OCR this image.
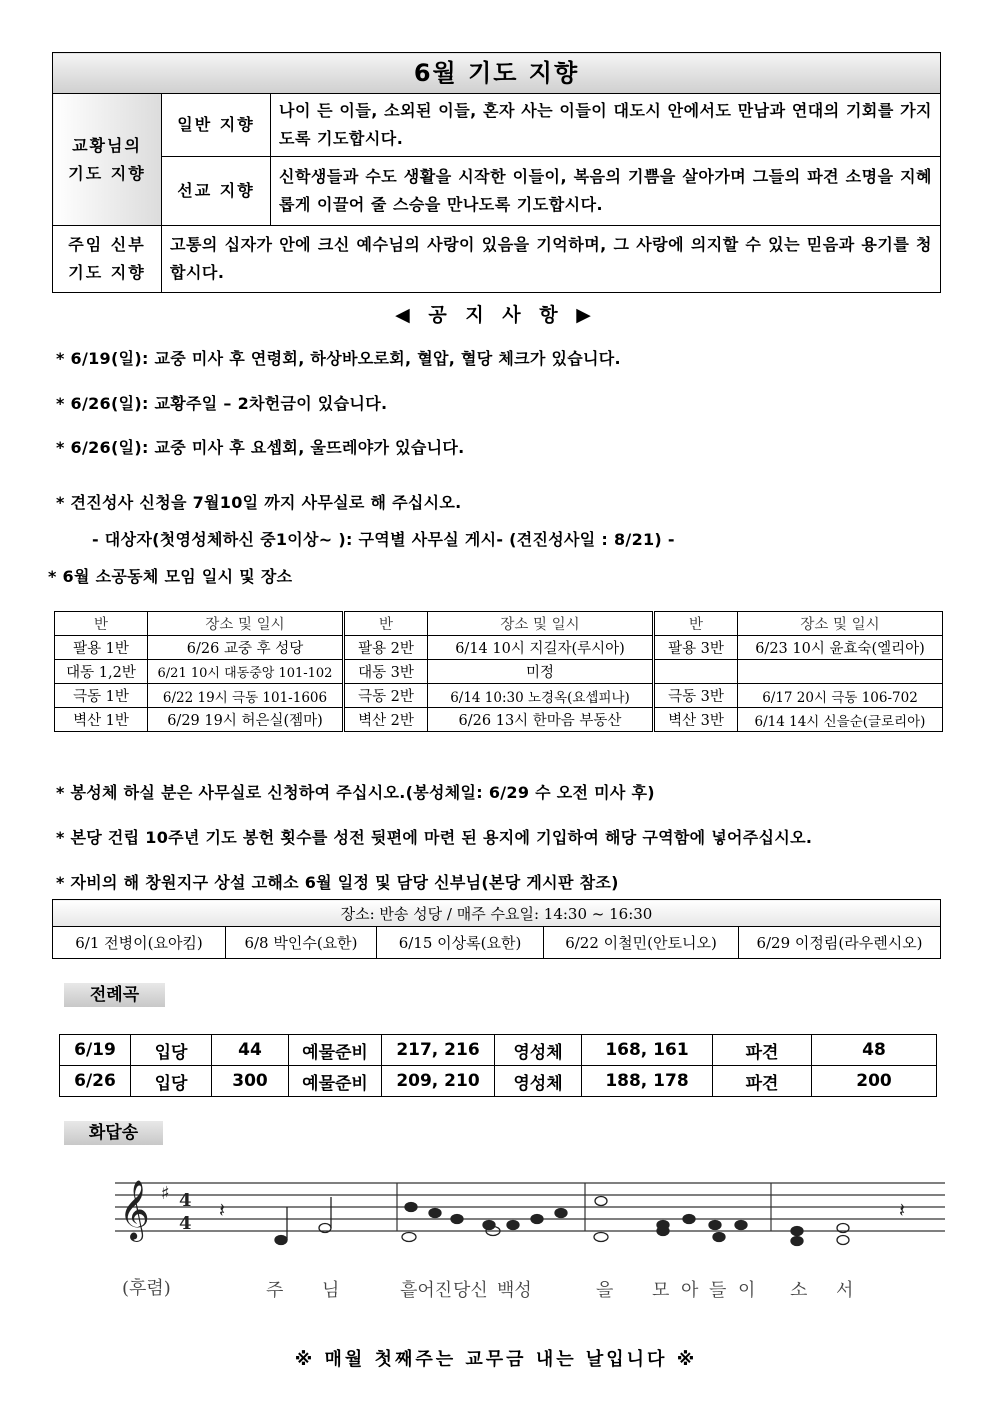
6월 기도 지향		

교황님의
기도 지향	일반 지향	나이 든 이들, 소외된 이들, 혼자 사는 이들이 대도시 안에서도 만남과 연대의 기회를 가지도록 기도합시다.
	선교 지향	신학생들과 수도 생활을 시작한 이들이, 복음의 기쁨을 살아가며 그들의 파견 소명을 지혜롭게 이끌어 줄 스승을 만나도록 기도합시다.

주임 신부
기도 지향	고통의 십자가 안에 크신 예수님의 사랑이 있음을 기억하며, 그 사랑에 의지할 수 있는 믿음과 용기를 청합시다.	
◀ 공 지 사 항 ▶
* 6/19(일): 교중 미사 후 연령회, 하상바오로회, 혈압, 혈당 체크가 있습니다.
* 6/26(일): 교황주일 – 2차헌금이 있습니다.
* 6/26(일): 교중 미사 후 요셉회, 울뜨레야가 있습니다.
* 견진성사 신청을 7월10일 까지 사무실로 해 주십시오.
- 대상자(첫영성체하신 중1이상~ ): 구역별 사무실 게시- (견진성사일 : 8/21) -
* 6월 소공동체 모임 일시 및 장소
반	장소 및 일시	반	장소 및 일시	반	장소 및 일시
팔용 1반	6/26 교중 후 성당	팔용 2반	6/14 10시 지길자(루시아)	팔용 3반	6/23 10시 윤효숙(엘리아)
대동 1,2반	6/21 10시 대동중앙 101-102	대동 3반	미정		
극동 1반	6/22 19시 극동 101-1606	극동 2반	6/14 10:30 노경옥(요셉피나)	극동 3반	6/17 20시 극동 106-702
벽산 1반	6/29 19시 허은실(젬마)	벽산 2반	6/26 13시 한마음 부동산	벽산 3반	6/14 14시 신을순(글로리아)
* 봉성체 하실 분은 사무실로 신청하여 주십시오.(봉성체일: 6/29 수 오전 미사 후)
* 본당 건립 10주년 기도 봉헌 횟수를 성전 뒷편에 마련 된 용지에 기입하여 해당 구역함에 넣어주십시오.
* 자비의 해 창원지구 상설 고해소 6월 일정 및 담당 신부님(본당 게시판 참조)
장소: 반송 성당 / 매주 수요일: 14:30 ~ 16:30
6/1 전병이(요아킴)	6/8 박인수(요한)	6/15 이상록(요한)	6/22 이철민(안토니오)	6/29 이정림(라우렌시오)
전례곡
6/19	입당	44	예물준비	217, 216	영성체	168, 161	파견	48
6/26	입당	300	예물준비	209, 210	영성체	188, 178	파견	200
화답송
𝄞 ♯ 4
4
𝄽	𝄽
(후렴)	주 님	흩어진 당신 백성	을 모 아 들 이 소 서
※ 매월 첫째주는 교무금 내는 날입니다 ※
